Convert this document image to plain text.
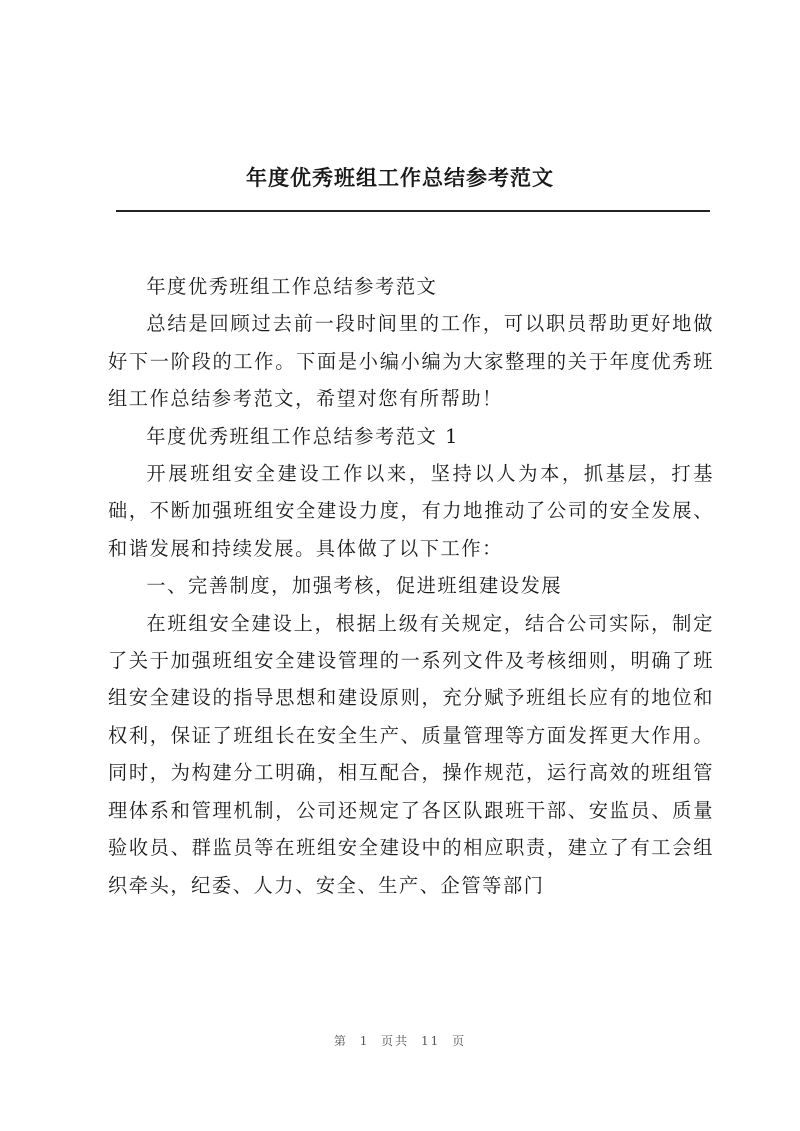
年度优秀班组工作总结参考范文

年度优秀班组工作总结参考范文

总结是回顾过去前一段时间里的工作，可以职员帮助更好地做好下一阶段的工作。下面是小编小编为大家整理的关于年度优秀班组工作总结参考范文，希望对您有所帮助！

年度优秀班组工作总结参考范文 1

开展班组安全建设工作以来，坚持以人为本，抓基层，打基础，不断加强班组安全建设力度，有力地推动了公司的安全发展、和谐发展和持续发展。具体做了以下工作：

一、完善制度，加强考核，促进班组建设发展

在班组安全建设上，根据上级有关规定，结合公司实际，制定了关于加强班组安全建设管理的一系列文件及考核细则，明确了班组安全建设的指导思想和建设原则，充分赋予班组长应有的地位和权利，保证了班组长在安全生产、质量管理等方面发挥更大作用。同时，为构建分工明确，相互配合，操作规范，运行高效的班组管理体系和管理机制，公司还规定了各区队跟班干部、安监员、质量验收员、群监员等在班组安全建设中的相应职责，建立了有工会组织牵头，纪委、人力、安全、生产、企管等部门

第 1 页共 11 页
